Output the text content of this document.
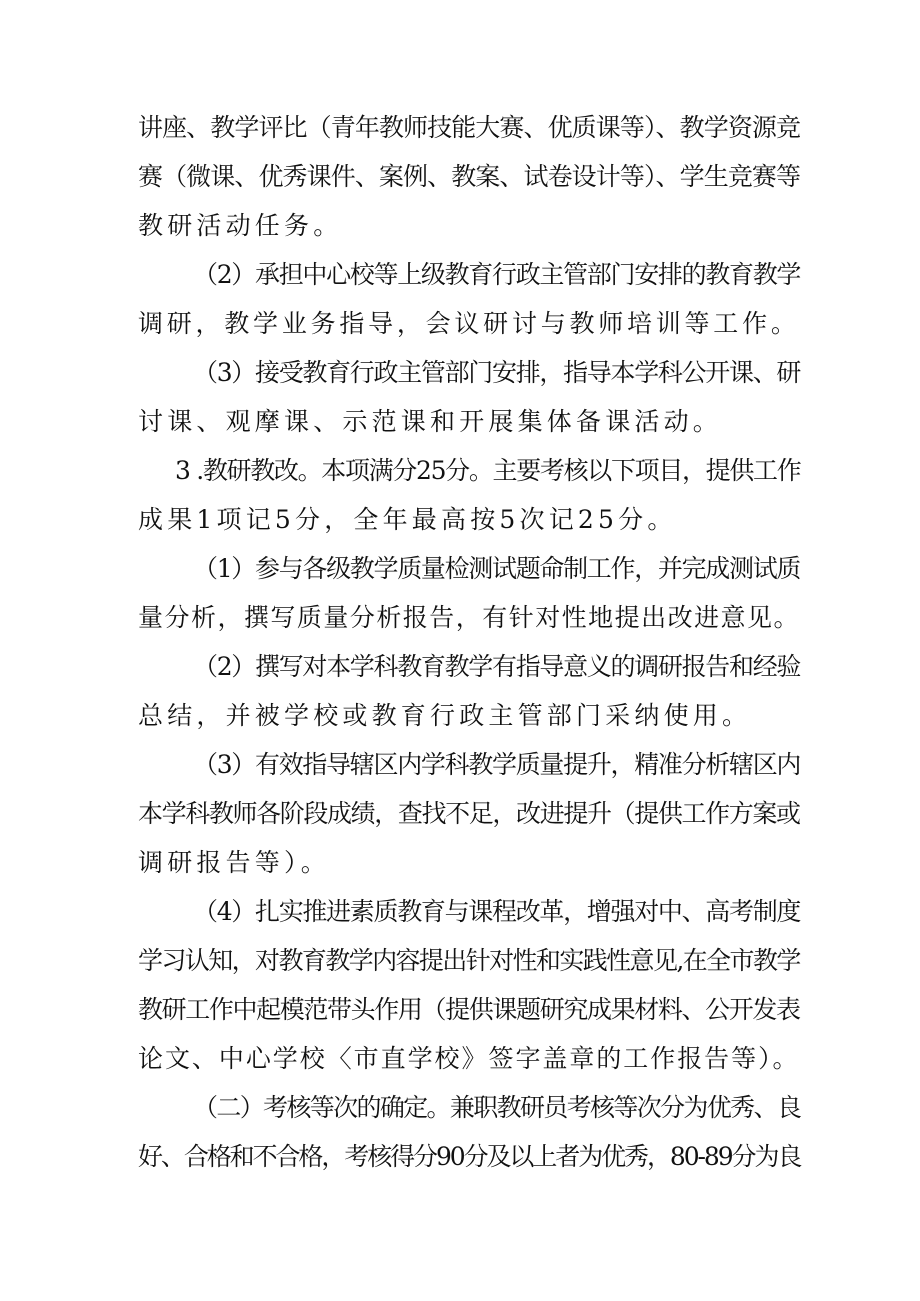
讲座、教学评比（青年教师技能大赛、优质课等）、教学资源竞
赛（微课、优秀课件、案例、教案、试卷设计等）、学生竞赛等
教研活动任务。
（2）承担中心校等上级教育行政主管部门安排的教育教学
调研，教学业务指导，会议研讨与教师培训等工作。
（3）接受教育行政主管部门安排，指导本学科公开课、研
讨课、观摩课、示范课和开展集体备课活动。
3 .教研教改。本项满分25分。主要考核以下项目，提供工作
成果1项记5分，全年最高按5次记25分。
（1）参与各级教学质量检测试题命制工作，并完成测试质
量分析，撰写质量分析报告，有针对性地提出改进意见。
（2）撰写对本学科教育教学有指导意义的调研报告和经验
总结，并被学校或教育行政主管部门采纳使用。
（3）有效指导辖区内学科教学质量提升，精准分析辖区内
本学科教师各阶段成绩，查找不足，改进提升（提供工作方案或
调研报告等）。
（4）扎实推进素质教育与课程改革，增强对中、高考制度
学习认知，对教育教学内容提出针对性和实践性意见,在全市教学
教研工作中起模范带头作用（提供课题研究成果材料、公开发表
论文、中心学校〈市直学校》签字盖章的工作报告等）。
（二）考核等次的确定。兼职教研员考核等次分为优秀、良
好、合格和不合格，考核得分90分及以上者为优秀，80-89分为良
